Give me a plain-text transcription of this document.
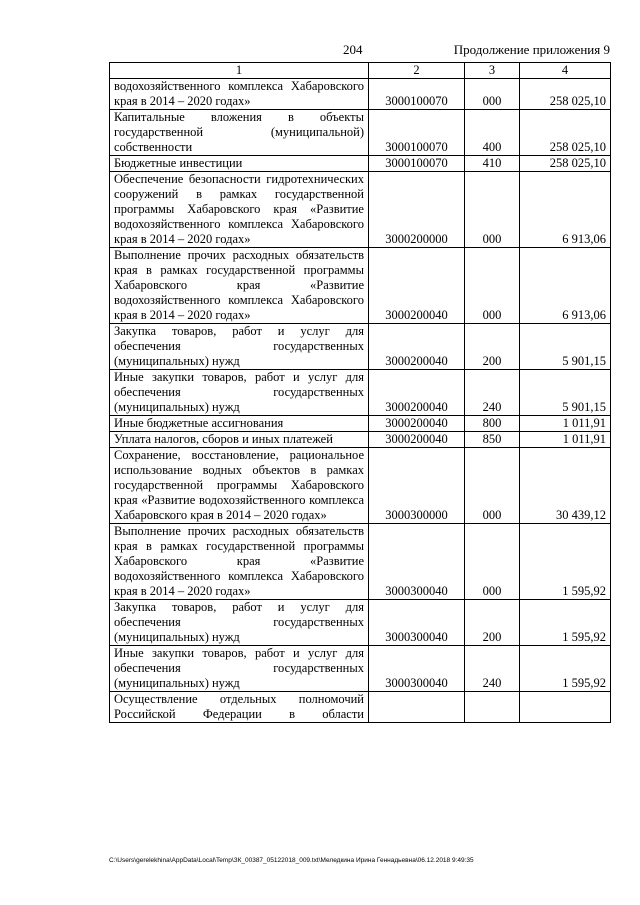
204	Продолжение приложения 9
1	2	3	4
водохозяйственного комплекса Хабаровского края в 2014 – 2020 годах»	3000100070	000	258 025,10
Капитальные вложения в объекты государственной (муниципальной) собственности	3000100070	400	258 025,10
Бюджетные инвестиции	3000100070	410	258 025,10
Обеспечение безопасности гидротехнических сооружений в рамках государственной программы Хабаровского края «Развитие водохозяйственного комплекса Хабаровского края в 2014 – 2020 годах»	3000200000	000	6 913,06
Выполнение прочих расходных обязательств края в рамках государственной программы Хабаровского края «Развитие водохозяйственного комплекса Хабаровского края в 2014 – 2020 годах»	3000200040	000	6 913,06
Закупка товаров, работ и услуг для обеспечения государственных (муниципальных) нужд	3000200040	200	5 901,15
Иные закупки товаров, работ и услуг для обеспечения государственных (муниципальных) нужд	3000200040	240	5 901,15
Иные бюджетные ассигнования	3000200040	800	1 011,91
Уплата налогов, сборов и иных платежей	3000200040	850	1 011,91
Сохранение, восстановление, рациональное использование водных объектов в рамках государственной программы Хабаровского края «Развитие водохозяйственного комплекса Хабаровского края в 2014 – 2020 годах»	3000300000	000	30 439,12
Выполнение прочих расходных обязательств края в рамках государственной программы Хабаровского края «Развитие водохозяйственного комплекса Хабаровского края в 2014 – 2020 годах»	3000300040	000	1 595,92
Закупка товаров, работ и услуг для обеспечения государственных (муниципальных) нужд	3000300040	200	1 595,92
Иные закупки товаров, работ и услуг для обеспечения государственных (муниципальных) нужд	3000300040	240	1 595,92
Осуществление отдельных полномочий Российской Федерации в области			
C:\Users\gerelekhina\AppData\Local\Temp\ЗК_00387_05122018_009.txt\Меледкина Ирина Геннадьевна\06.12.2018 9:49:35
